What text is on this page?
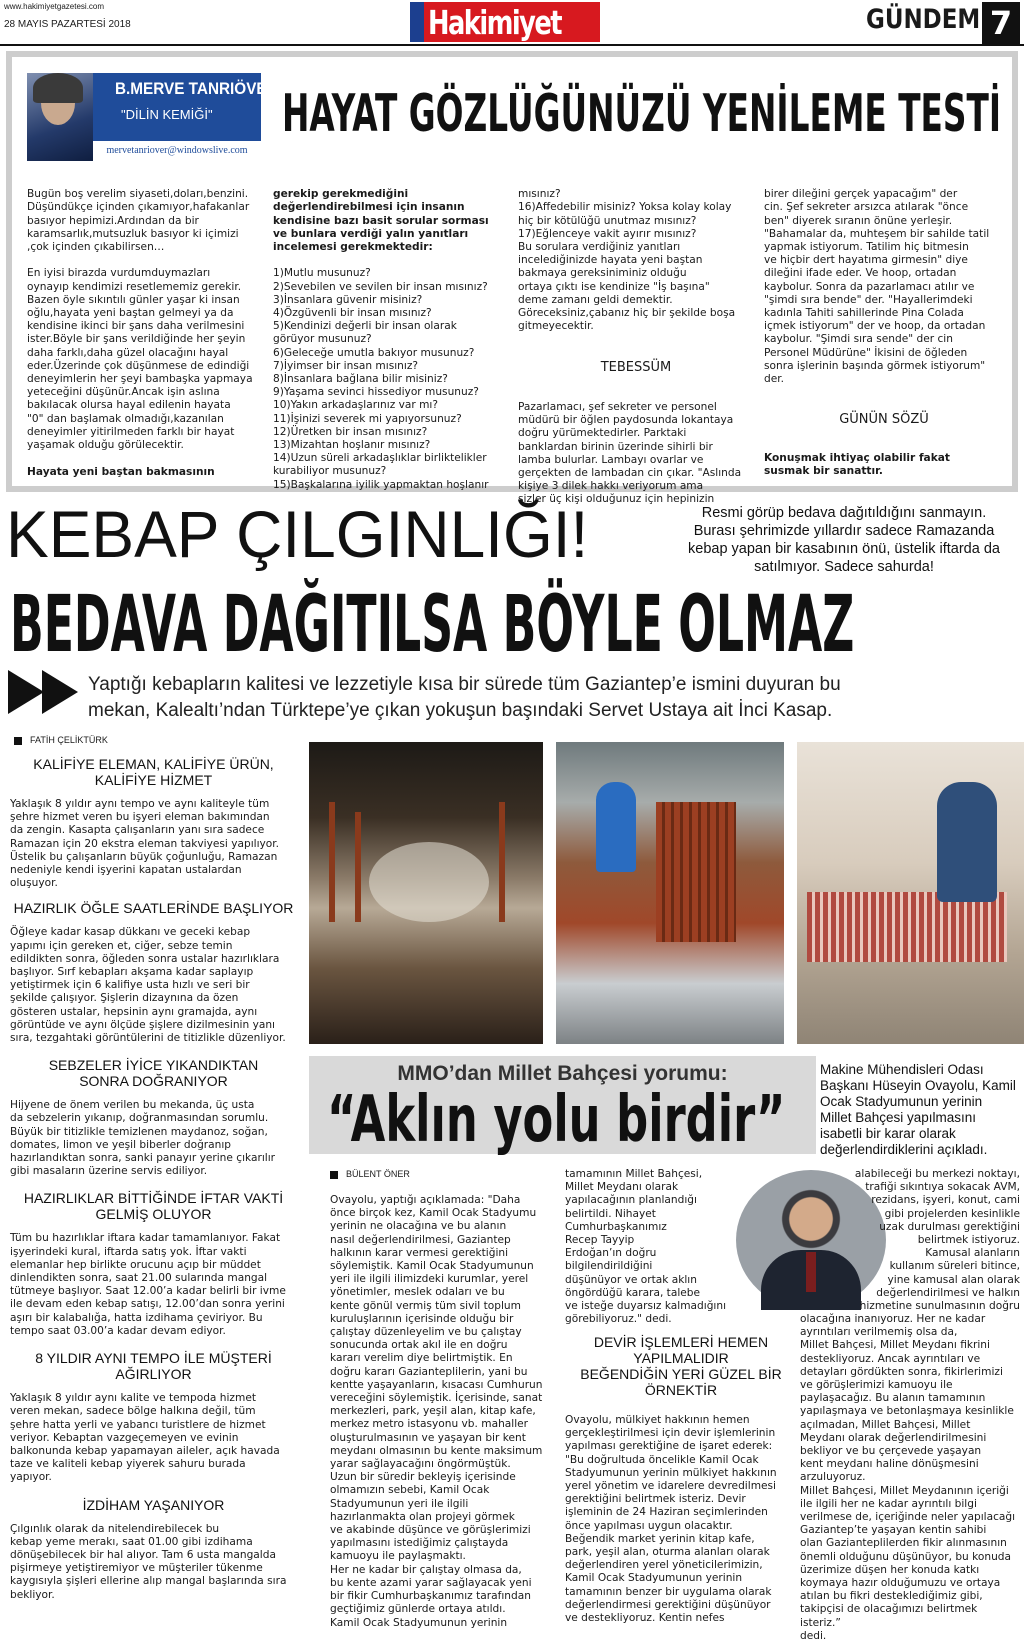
www.hakimiyetgazetesi.com
28 MAYIS PAZARTESİ 2018	Hakimiyet	GÜNDEM 7
B.MERVE TANRIÖVER
"DİLİN KEMİĞİ"
mervetanriover@windowslive.com
HAYAT GÖZLÜĞÜNÜZÜ YENİLEME TESTİ

Bugün boş verelim siyaseti,doları,benzini.
Düşündükçe içinden çıkamıyor,hafakanlar
basıyor hepimizi.Ardından da bir
karamsarlık,mutsuzluk basıyor ki içimizi
,çok içinden çıkabilirsen…

En iyisi birazda vurdumduymazları
oynayıp kendimizi resetlememiz gerekir.
Bazen öyle sıkıntılı günler yaşar ki insan
oğlu,hayata yeni baştan gelmeyi ya da
kendisine ikinci bir şans daha verilmesini
ister.Böyle bir şans verildiğinde her şeyin
daha farklı,daha güzel olacağını hayal
eder.Üzerinde çok düşünmese de edindiği
deneyimlerin her şeyi bambaşka yapmaya
yeteceğini düşünür.Ancak işin aslına
bakılacak olursa hayal edilenin hayata
"0" dan başlamak olmadığı,kazanılan
deneyimler yitirilmeden farklı bir hayat
yaşamak olduğu görülecektir.

Hayata yeni baştan bakmasının

gerekip gerekmediğini
değerlendirebilmesi için insanın
kendisine bazı basit sorular sorması
ve bunlara verdiği yalın yanıtları
incelemesi gerekmektedir:

1)Mutlu musunuz?
2)Sevebilen ve sevilen bir insan mısınız?
3)İnsanlara güvenir misiniz?
4)Özgüvenli bir insan mısınız?
5)Kendinizi değerli bir insan olarak
görüyor musunuz?
6)Geleceğe umutla bakıyor musunuz?
7)İyimser bir insan mısınız?
8)İnsanlara bağlana bilir misiniz?
9)Yaşama sevinci hissediyor musunuz?
10)Yakın arkadaşlarınız var mı?
11)İşinizi severek mi yapıyorsunuz?
12)Üretken bir insan mısınız?
13)Mizahtan hoşlanır mısınız?
14)Uzun süreli arkadaşlıklar birliktelikler
kurabiliyor musunuz?
15)Başkalarına iyilik yapmaktan hoşlanır

mısınız?
16)Affedebilir misiniz? Yoksa kolay kolay
hiç bir kötülüğü unutmaz mısınız?
17)Eğlenceye vakit ayırır mısınız?
Bu sorulara verdiğiniz yanıtları
incelediğinizde hayata yeni baştan
bakmaya gereksiniminiz olduğu
ortaya çıktı ise kendinize "İş başına"
deme zamanı geldi demektir.
Göreceksiniz,çabanız hiç bir şekilde boşa
gitmeyecektir.

TEBESSÜM

Pazarlamacı, şef sekreter ve personel
müdürü bir öğlen paydosunda lokantaya
doğru yürümektedirler. Parktaki
banklardan birinin üzerinde sihirli bir
lamba bulurlar. Lambayı ovarlar ve
gerçekten de lambadan cin çıkar. "Aslında
kişiye 3 dilek hakkı veriyorum ama
sizler üç kişi olduğunuz için hepinizin

birer dileğini gerçek yapacağım" der
cin. Şef sekreter arsızca atılarak "önce
ben" diyerek sıranın önüne yerleşir.
"Bahamalar da, muhteşem bir sahilde tatil
yapmak istiyorum. Tatilim hiç bitmesin
ve hiçbir dert hayatıma girmesin" diye
dileğini ifade eder. Ve hoop, ortadan
kaybolur. Sonra da pazarlamacı atılır ve
"şimdi sıra bende" der. "Hayallerimdeki
kadınla Tahiti sahillerinde Pina Colada
içmek istiyorum" der ve hoop, da ortadan
kaybolur. "Şimdi sıra sende" der cin
Personel Müdürüne" İkisini de öğleden
sonra işlerinin başında görmek istiyorum"
der.

GÜNÜN SÖZÜ

Konuşmak ihtiyaç olabilir fakat
susmak bir sanattır.

KEBAP ÇILGINLIĞI!	Resmi görüp bedava dağıtıldığını sanmayın.
Burası şehrimizde yıllardır sadece Ramazanda
kebap yapan bir kasabının önü, üstelik iftarda da
satılmıyor. Sadece sahurda!
BEDAVA DAĞITILSA BÖYLE OLMAZ
Yaptığı kebapların kalitesi ve lezzetiyle kısa bir sürede tüm Gaziantep’e ismini duyuran bu
mekan, Kalealtı’ndan Türktepe’ye çıkan yokuşun başındaki Servet Ustaya ait İnci Kasap.
FATİH ÇELİKTÜRK
KALİFİYE ELEMAN, KALİFİYE ÜRÜN,
KALİFİYE HİZMET
Yaklaşık 8 yıldır aynı tempo ve aynı kaliteyle tüm
şehre hizmet veren bu işyeri eleman bakımından
da zengin. Kasapta çalışanların yanı sıra sadece
Ramazan için 20 ekstra eleman takviyesi yapılıyor.
Üstelik bu çalışanların büyük çoğunluğu, Ramazan
nedeniyle kendi işyerini kapatan ustalardan
oluşuyor.
HAZIRLIK ÖĞLE SAATLERİNDE BAŞLIYOR
Öğleye kadar kasap dükkanı ve geceki kebap
yapımı için gereken et, ciğer, sebze temin
edildikten sonra, öğleden sonra ustalar hazırlıklara
başlıyor. Sırf kebapları akşama kadar saplayıp
yetiştirmek için 6 kalifiye usta hızlı ve seri bir
şekilde çalışıyor. Şişlerin dizaynına da özen
gösteren ustalar, hepsinin aynı gramajda, aynı
görüntüde ve aynı ölçüde şişlere dizilmesinin yanı
sıra, tezgahtaki görüntülerini de titizlikle düzenliyor.
SEBZELER İYİCE YIKANDIKTAN
SONRA DOĞRANIYOR
Hijyene de önem verilen bu mekanda, üç usta
da sebzelerin yıkanıp, doğranmasından sorumlu.
Büyük bir titizlikle temizlenen maydanoz, soğan,
domates, limon ve yeşil biberler doğranıp
hazırlandıktan sonra, sanki panayır yerine çıkarılır
gibi masaların üzerine servis ediliyor.
HAZIRLIKLAR BİTTİĞİNDE İFTAR VAKTİ
GELMİŞ OLUYOR
Tüm bu hazırlıklar iftara kadar tamamlanıyor. Fakat
işyerindeki kural, iftarda satış yok. İftar vakti
elemanlar hep birlikte orucunu açıp bir müddet
dinlendikten sonra, saat 21.00 sularında mangal
tütmeye başlıyor. Saat 12.00’a kadar belirli bir ivme
ile devam eden kebap satışı, 12.00’dan sonra yerini
aşırı bir kalabalığa, hatta izdihama çeviriyor. Bu
tempo saat 03.00’a kadar devam ediyor.
8 YILDIR AYNI TEMPO İLE MÜŞTERİ
AĞIRLIYOR
Yaklaşık 8 yıldır aynı kalite ve tempoda hizmet
veren mekan, sadece bölge halkına değil, tüm
şehre hatta yerli ve yabancı turistlere de hizmet
veriyor. Kebaptan vazgeçemeyen ve evinin
balkonunda kebap yapamayan aileler, açık havada
taze ve kaliteli kebap yiyerek sahuru burada
yapıyor.
İZDİHAM YAŞANIYOR
Çılgınlık olarak da nitelendirebilecek bu
kebap yeme merakı, saat 01.00 gibi izdihama
dönüşebilecek bir hal alıyor. Tam 6 usta mangalda
pişirmeye yetiştiremiyor ve müşteriler tükenme
kaygısıyla şişleri ellerine alıp mangal başlarında sıra
bekliyor.
MMO’dan Millet Bahçesi yorumu:
“Aklın yolu birdir”
Makine Mühendisleri Odası
Başkanı Hüseyin Ovayolu, Kamil
Ocak Stadyumunun yerinin
Millet Bahçesi yapılmasını
isabetli bir karar olarak
değerlendirdiklerini açıkladı.
BÜLENT ÖNER
Ovayolu, yaptığı açıklamada: "Daha
önce birçok kez, Kamil Ocak Stadyumu
yerinin ne olacağına ve bu alanın
nasıl değerlendirilmesi, Gaziantep
halkının karar vermesi gerektiğini
söylemiştik. Kamil Ocak Stadyumunun
yeri ile ilgili ilimizdeki kurumlar, yerel
yönetimler, meslek odaları ve bu
kente gönül vermiş tüm sivil toplum
kuruluşlarının içerisinde olduğu bir
çalıştay düzenleyelim ve bu çalıştay
sonucunda ortak akıl ile en doğru
kararı verelim diye belirtmiştik. En
doğru kararı Gazianteplilerin, yani bu
kentte yaşayanların, kısacası Cumhurun
vereceğini söylemiştik. İçerisinde, sanat
merkezleri, park, yeşil alan, kitap kafe,
merkez metro istasyonu vb. mahaller
oluşturulmasının ve yaşayan bir kent
meydanı olmasının bu kente maksimum
yarar sağlayacağını öngörmüştük.
Uzun bir süredir bekleyiş içerisinde
olmamızın sebebi, Kamil Ocak
Stadyumunun yeri ile ilgili
hazırlanmakta olan projeyi görmek
ve akabinde düşünce ve görüşlerimizi
yapılmasını istediğimiz çalıştayda
kamuoyu ile paylaşmaktı.
Her ne kadar bir çalıştay olmasa da,
bu kente azami yarar sağlayacak yeni
bir fikir Cumhurbaşkanımız tarafından
geçtiğimiz günlerde ortaya atıldı.
Kamil Ocak Stadyumunun yerinin
tamamının Millet Bahçesi,
Millet Meydanı olarak
yapılacağının planlandığı
belirtildi. Nihayet
Cumhurbaşkanımız
Recep Tayyip
Erdoğan’ın doğru
bilgilendirildiğini
düşünüyor ve ortak aklın
öngördüğü karara, talebe
ve isteğe duyarsız kalmadığını
görebiliyoruz." dedi.
DEVİR İŞLEMLERİ HEMEN
YAPILMALIDIR
BEĞENDİĞİN YERİ GÜZEL BİR
ÖRNEKTİR
Ovayolu, mülkiyet hakkının hemen
gerçekleştirilmesi için devir işlemlerinin
yapılması gerektiğine de işaret ederek:
"Bu doğrultuda öncelikle Kamil Ocak
Stadyumunun yerinin mülkiyet hakkının
yerel yönetim ve idarelere devredilmesi
gerektiğini belirtmek isteriz. Devir
işleminin de 24 Haziran seçimlerinden
önce yapılması uygun olacaktır.
Beğendik market yerinin kitap kafe,
park, yeşil alan, oturma alanları olarak
değerlendiren yerel yöneticilerimizin,
Kamil Ocak Stadyumunun yerinin
tamamının benzer bir uygulama olarak
değerlendirmesi gerektiğini düşünüyor
ve destekliyoruz. Kentin nefes
alabileceği bu merkezi noktayı,
trafiği sıkıntıya sokacak AVM,
rezidans, işyeri, konut, cami
gibi projelerden kesinlikle
uzak durulması gerektiğini
belirtmek istiyoruz.
Kamusal alanların
kullanım süreleri bitince,
yine kamusal alan olarak
değerlendirilmesi ve halkın
hizmetine sunulmasının doğru
olacağına inanıyoruz. Her ne kadar
ayrıntıları verilmemiş olsa da,
Millet Bahçesi, Millet Meydanı fikrini
destekliyoruz. Ancak ayrıntıları ve
detayları gördükten sonra, fikirlerimizi
ve görüşlerimizi kamuoyu ile
paylaşacağız. Bu alanın tamamının
yapılaşmaya ve betonlaşmaya kesinlikle
açılmadan, Millet Bahçesi, Millet
Meydanı olarak değerlendirilmesini
bekliyor ve bu çerçevede yaşayan
kent meydanı haline dönüşmesini
arzuluyoruz.
Millet Bahçesi, Millet Meydanının içeriği
ile ilgili her ne kadar ayrıntılı bilgi
verilmese de, içeriğinde neler yapılacağı
Gaziantep’te yaşayan kentin sahibi
olan Gazianteplilerden fikir alınmasının
önemli olduğunu düşünüyor, bu konuda
üzerimize düşen her konuda katkı
koymaya hazır olduğumuzu ve ortaya
atılan bu fikri desteklediğimiz gibi,
takipçisi de olacağımızı belirtmek isteriz.”
dedi.
